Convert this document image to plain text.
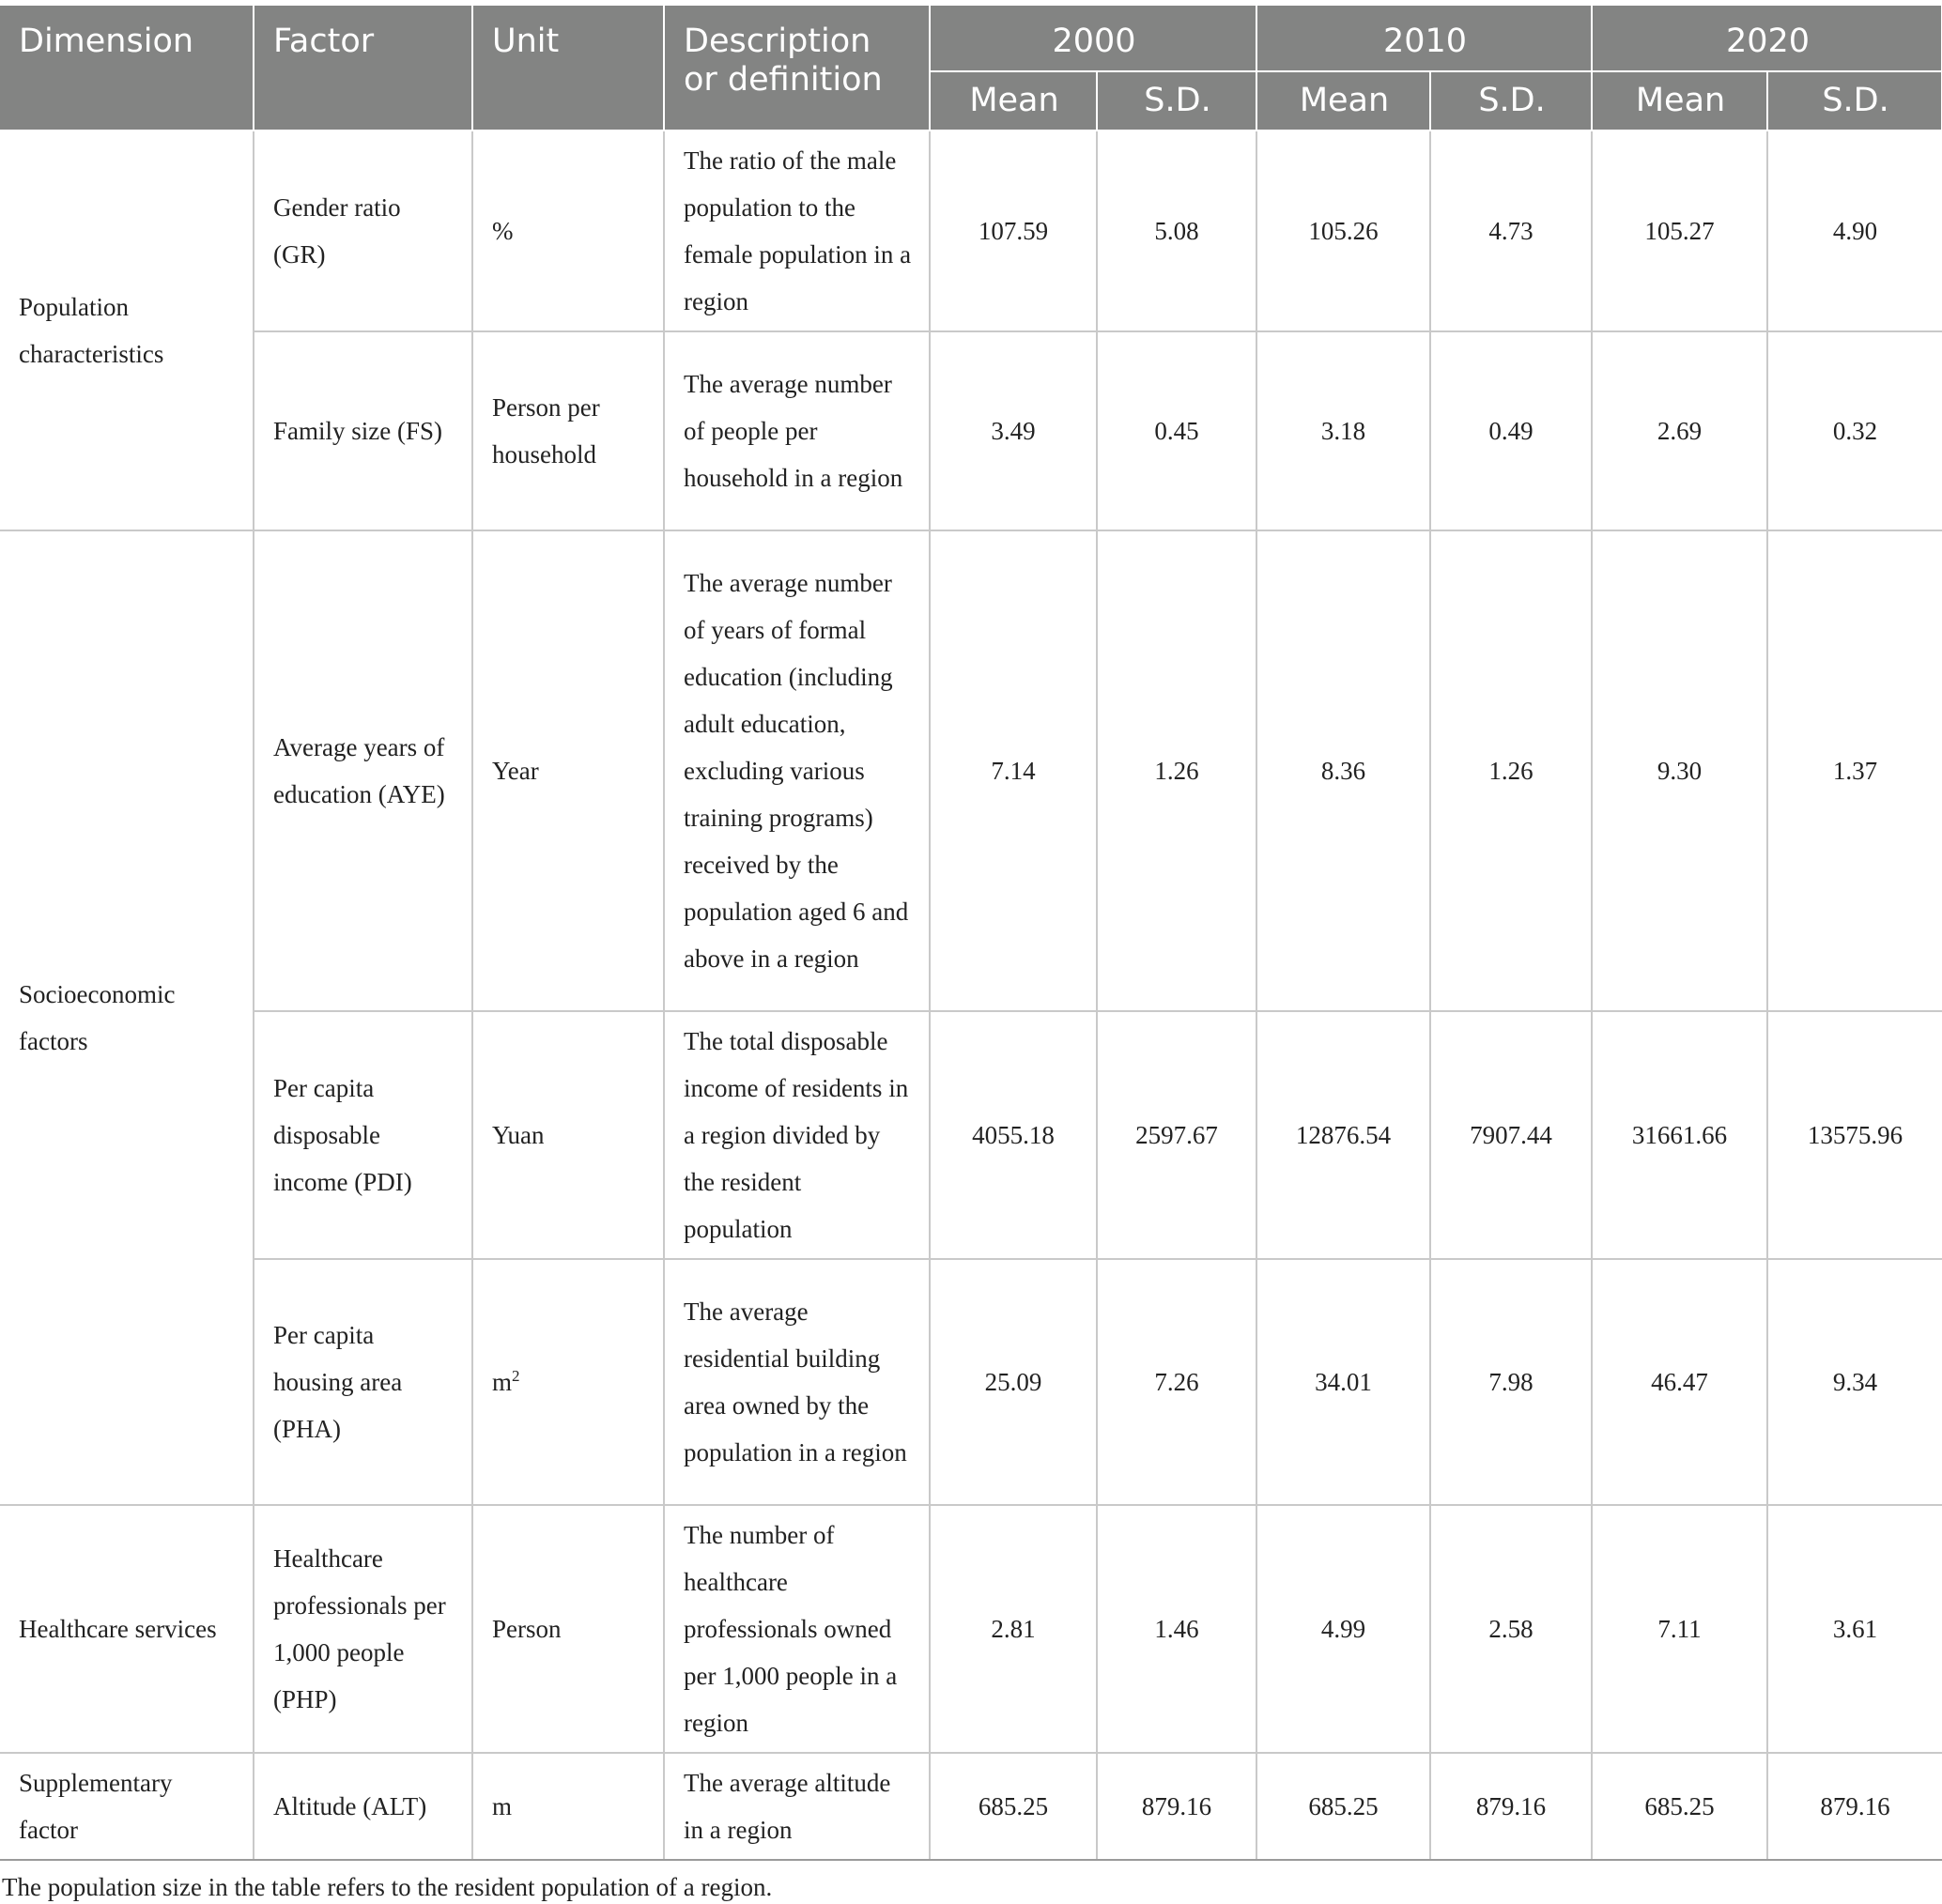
Dimension	Factor	Unit	Description or definition	2000		2010		2020	
				Mean	S.D.	Mean	S.D.	Mean	S.D.
Population characteristics	Gender ratio (GR)	%	The ratio of the male population to the female population in a region	107.59	5.08	105.26	4.73	105.27	4.90
	Family size (FS)	Person per household	The average number of people per household in a region	3.49	0.45	3.18	0.49	2.69	0.32
Socioeconomic factors	Average years of education (AYE)	Year	The average number of years of formal education (including adult education, excluding various training programs) received by the population aged 6 and above in a region	7.14	1.26	8.36	1.26	9.30	1.37
	Per capita disposable income (PDI)	Yuan	The total disposable income of residents in a region divided by the resident population	4055.18	2597.67	12876.54	7907.44	31661.66	13575.96
	Per capita housing area (PHA)	$m^2$	The average residential building area owned by the population in a region	25.09	7.26	34.01	7.98	46.47	9.34
Healthcare services	Healthcare professionals per 1,000 people (PHP)	Person	The number of healthcare professionals owned per 1,000 people in a region	2.81	1.46	4.99	2.58	7.11	3.61
Supplementary factor	Altitude (ALT)	m	The average altitude in a region	685.25	879.16	685.25	879.16	685.25	879.16
The population size in the table refers to the resident population of a region.
